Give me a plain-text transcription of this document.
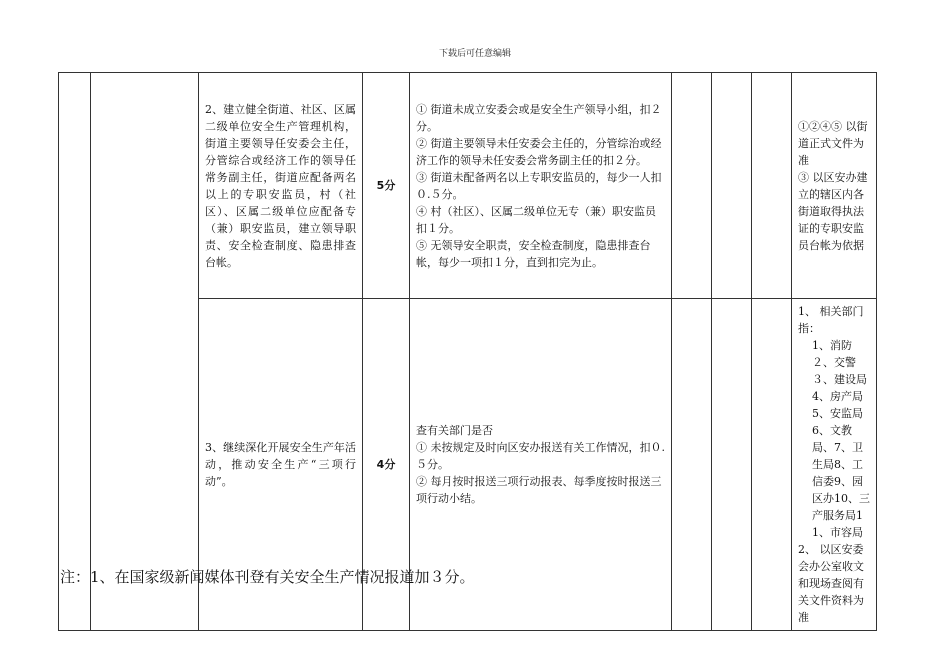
下载后可任意编辑
		2、建立健全街道、社区、区属二级单位安全生产管理机构，街道主要领导任安委会主任，分管综合或经济工作的领导任常务副主任，街道应配备两名以上的专职安监员，村（社区）、区属二级单位应配备专（兼）职安监员，建立领导职责、安全检查制度、隐患排查台帐。	5分	① 街道未成立安委会或是安全生产领导小组，扣２分。
② 街道主要领导未任安委会主任的，分管综治或经济工作的领导未任安委会常务副主任的扣２分。
③ 街道未配备两名以上专职安监员的，每少一人扣０.５分。
④ 村（社区）、区属二级单位无专（兼）职安监员扣１分。
⑤ 无领导安全职责，安全检查制度，隐患排查台帐，每少一项扣１分，直到扣完为止。				①②④⑤ 以街道正式文件为准
③ 以区安办建立的辖区内各街道取得执法证的专职安监员台帐为依据

		3、继续深化开展安全生产年活动，推动安全生产“三项行动”。	4分	查有关部门是否
① 未按规定及时向区安办报送有关工作情况，扣０.５分。
② 每月按时报送三项行动报表、每季度按时报送三项行动小结。				1、 相关部门指：
1、消防２、交警３、建设局4、房产局5、安监局6、文教局、7、卫生局8、工信委9、园区办10、三产服务局11、市容局
2、 以区安委会办公室收文和现场查阅有关文件资料为准
注：1、在国家级新闻媒体刊登有关安全生产情况报道加３分。
